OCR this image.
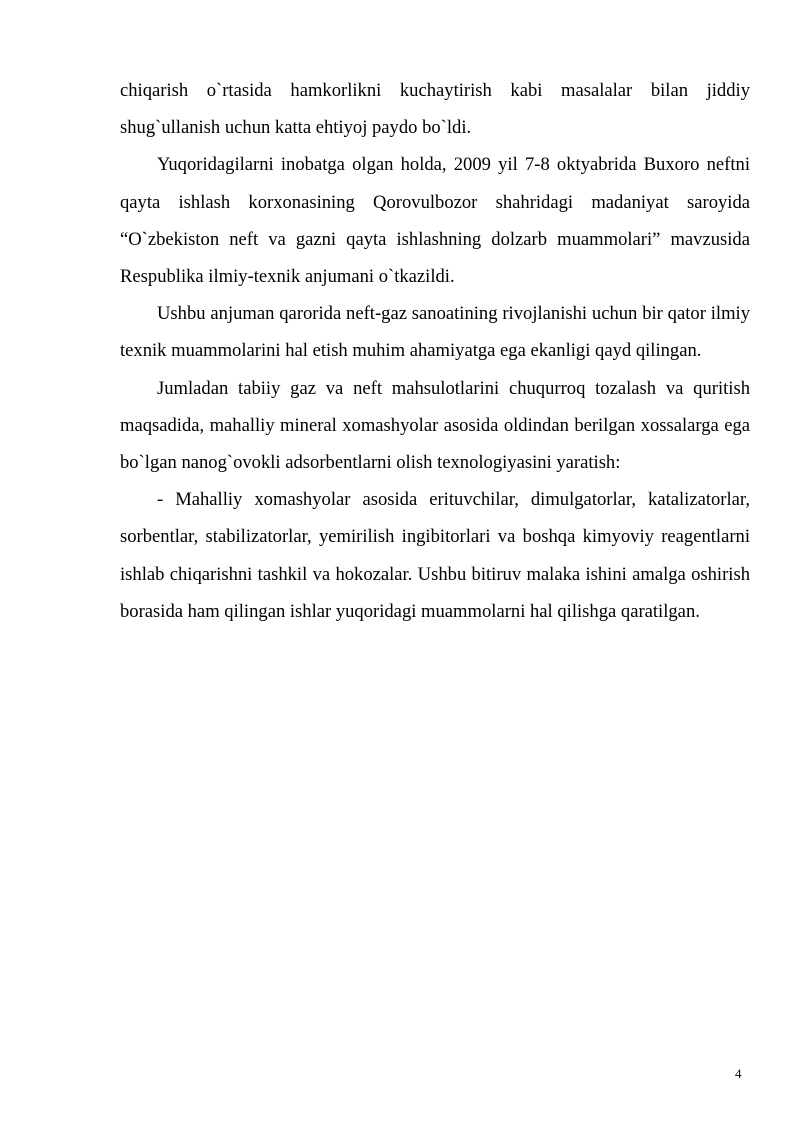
chiqarish o`rtasida hamkorlikni kuchaytirish kabi masalalar bilan jiddiy shug`ullanish uchun katta ehtiyoj paydo bo`ldi.

Yuqoridagilarni inobatga olgan holda, 2009 yil 7-8 oktyabrida Buxoro neftni qayta ishlash korxonasining Qorovulbozor shahridagi madaniyat saroyida “O`zbekiston neft va gazni qayta ishlashning dolzarb muammolari” mavzusida Respublika ilmiy-texnik anjumani o`tkazildi.

Ushbu anjuman qarorida neft-gaz sanoatining rivojlanishi uchun bir qator ilmiy texnik muammolarini hal etish muhim ahamiyatga ega ekanligi qayd qilingan.

Jumladan tabiiy gaz va neft mahsulotlarini chuqurroq tozalash va quritish maqsadida, mahalliy mineral xomashyolar asosida oldindan berilgan xossalarga ega bo`lgan nanog`ovokli adsorbentlarni olish texnologiyasini yaratish:

- Mahalliy xomashyolar asosida erituvchilar, dimulgatorlar, katalizatorlar, sorbentlar, stabilizatorlar, yemirilish ingibitorlari va boshqa kimyoviy reagentlarni ishlab chiqarishni tashkil va hokozalar. Ushbu bitiruv malaka ishini amalga oshirish borasida ham qilingan ishlar yuqoridagi muammolarni hal qilishga qaratilgan.

4
